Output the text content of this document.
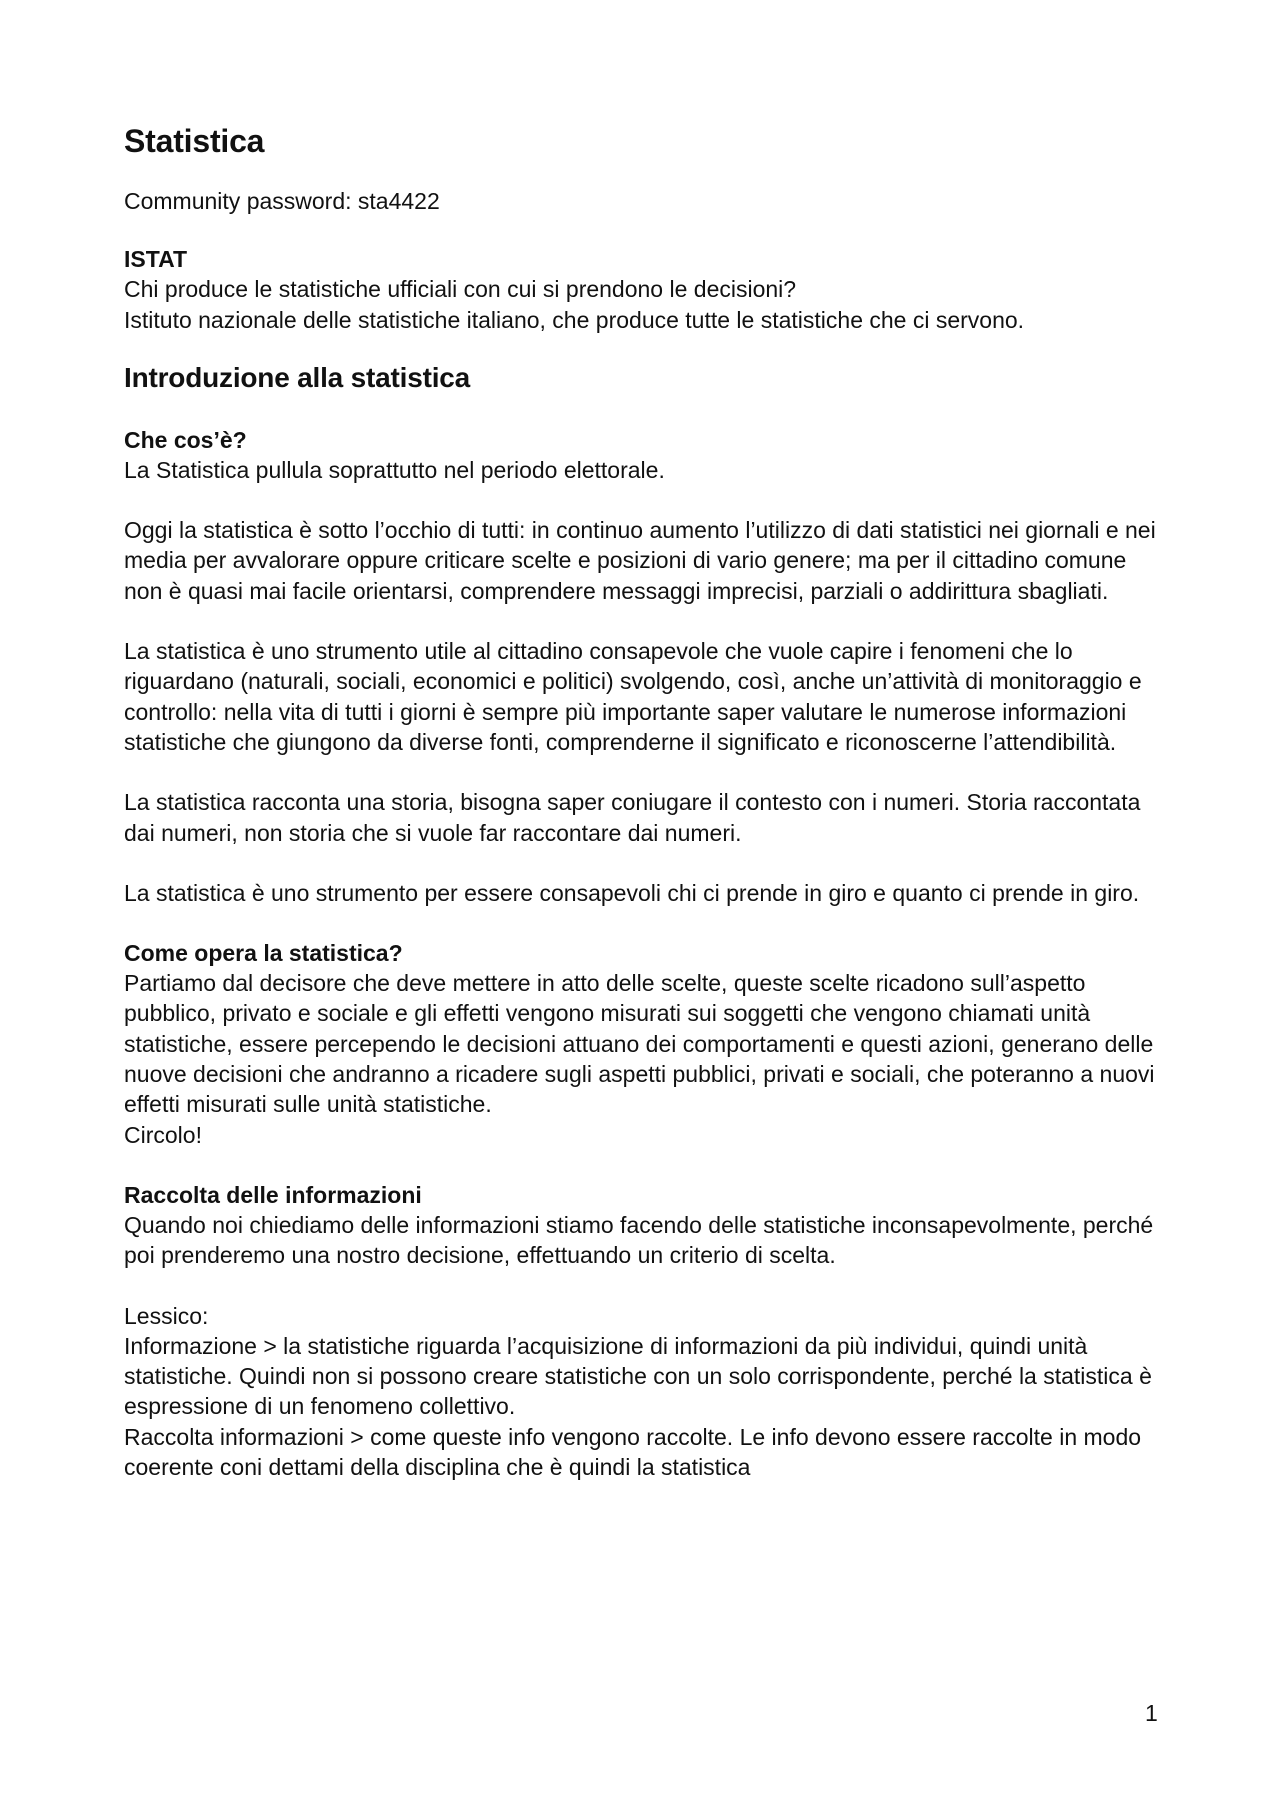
Statistica

Community password: sta4422

ISTAT

Chi produce le statistiche ufficiali con cui si prendono le decisioni?

Istituto nazionale delle statistiche italiano, che produce tutte le statistiche che ci servono.

Introduzione alla statistica
Che cos’è?

La Statistica pullula soprattutto nel periodo elettorale.

Oggi la statistica è sotto l’occhio di tutti: in continuo aumento l’utilizzo di dati statistici nei giornali e nei media per avvalorare oppure criticare scelte e posizioni di vario genere; ma per il cittadino comune non è quasi mai facile orientarsi, comprendere messaggi imprecisi, parziali o addirittura sbagliati.

La statistica è uno strumento utile al cittadino consapevole che vuole capire i fenomeni che lo riguardano (naturali, sociali, economici e politici) svolgendo, così, anche un’attività di monitoraggio e controllo: nella vita di tutti i giorni è sempre più importante saper valutare le numerose informazioni statistiche che giungono da diverse fonti, comprenderne il significato e riconoscerne l’attendibilità.

La statistica racconta una storia, bisogna saper coniugare il contesto con i numeri. Storia raccontata dai numeri, non storia che si vuole far raccontare dai numeri.

La statistica è uno strumento per essere consapevoli chi ci prende in giro e quanto ci prende in giro.

Come opera la statistica?

Partiamo dal decisore che deve mettere in atto delle scelte, queste scelte ricadono sull’aspetto pubblico, privato e sociale e gli effetti vengono misurati sui soggetti che vengono chiamati unità statistiche, essere percependo le decisioni attuano dei comportamenti e questi azioni, generano delle nuove decisioni che andranno a ricadere sugli aspetti pubblici, privati e sociali, che poteranno a nuovi effetti misurati sulle unità statistiche.

Circolo!

Raccolta delle informazioni

Quando noi chiediamo delle informazioni stiamo facendo delle statistiche inconsapevolmente, perché poi prenderemo una nostro decisione, effettuando un criterio di scelta.

Lessico:

Informazione > la statistiche riguarda l’acquisizione di informazioni da più individui, quindi unità statistiche. Quindi non si possono creare statistiche con un solo corrispondente, perché la statistica è espressione di un fenomeno collettivo.

Raccolta informazioni > come queste info vengono raccolte. Le info devono essere raccolte in modo coerente coni dettami della disciplina che è quindi la statistica

1
